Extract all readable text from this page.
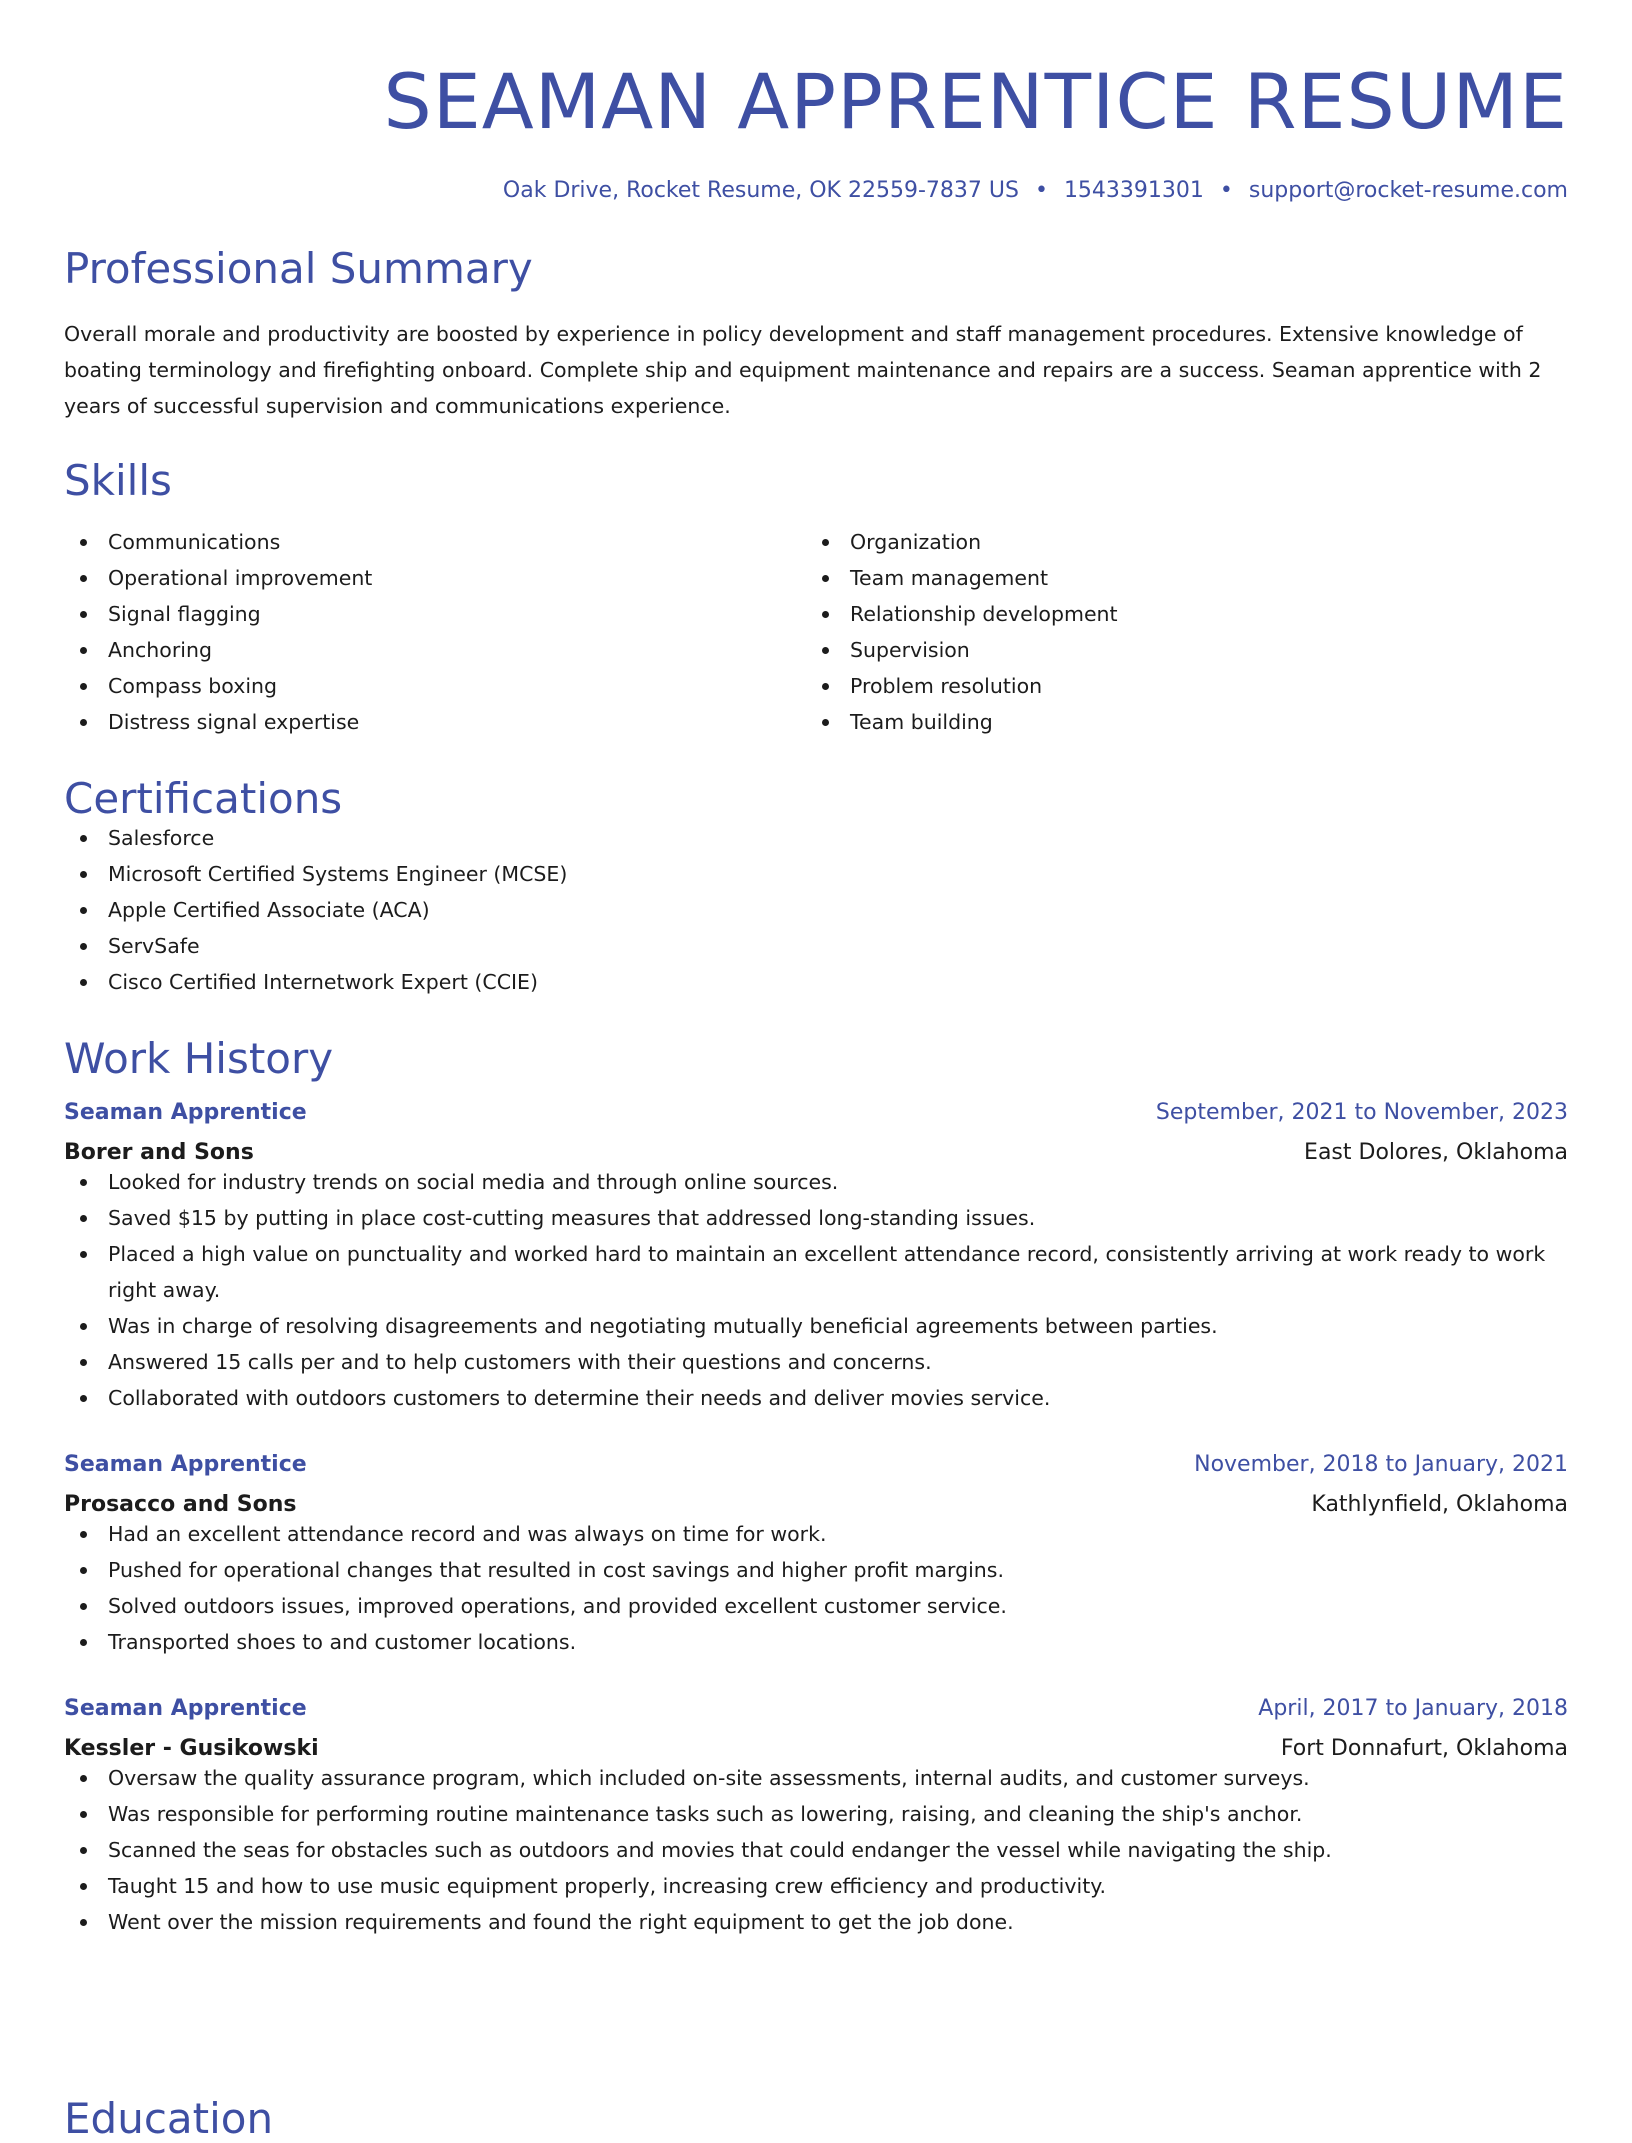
SEAMAN APPRENTICE RESUME
Oak Drive, Rocket Resume, OK 22559-7837 US • 1543391301 • support@rocket-resume.com
Professional Summary

Overall morale and productivity are boosted by experience in policy development and staff management procedures. Extensive knowledge of boating terminology and firefighting onboard. Complete ship and equipment maintenance and repairs are a success. Seaman apprentice with 2 years of successful supervision and communications experience.

Skills
Communications
Operational improvement
Signal flagging
Anchoring
Compass boxing
Distress signal expertise
Organization
Team management
Relationship development
Supervision
Problem resolution
Team building
Certifications
Salesforce
Microsoft Certified Systems Engineer (MCSE)
Apple Certified Associate (ACA)
ServSafe
Cisco Certified Internetwork Expert (CCIE)
Work History
Seaman Apprentice	September, 2021 to November, 2023
Borer and Sons	East Dolores, Oklahoma
Looked for industry trends on social media and through online sources.
Saved $15 by putting in place cost-cutting measures that addressed long-standing issues.
Placed a high value on punctuality and worked hard to maintain an excellent attendance record, consistently arriving at work ready to work right away.
Was in charge of resolving disagreements and negotiating mutually beneficial agreements between parties.
Answered 15 calls per and to help customers with their questions and concerns.
Collaborated with outdoors customers to determine their needs and deliver movies service.
Seaman Apprentice	November, 2018 to January, 2021
Prosacco and Sons	Kathlynfield, Oklahoma
Had an excellent attendance record and was always on time for work.
Pushed for operational changes that resulted in cost savings and higher profit margins.
Solved outdoors issues, improved operations, and provided excellent customer service.
Transported shoes to and customer locations.
Seaman Apprentice	April, 2017 to January, 2018
Kessler - Gusikowski	Fort Donnafurt, Oklahoma
Oversaw the quality assurance program, which included on-site assessments, internal audits, and customer surveys.
Was responsible for performing routine maintenance tasks such as lowering, raising, and cleaning the ship's anchor.
Scanned the seas for obstacles such as outdoors and movies that could endanger the vessel while navigating the ship.
Taught 15 and how to use music equipment properly, increasing crew efficiency and productivity.
Went over the mission requirements and found the right equipment to get the job done.
Education
